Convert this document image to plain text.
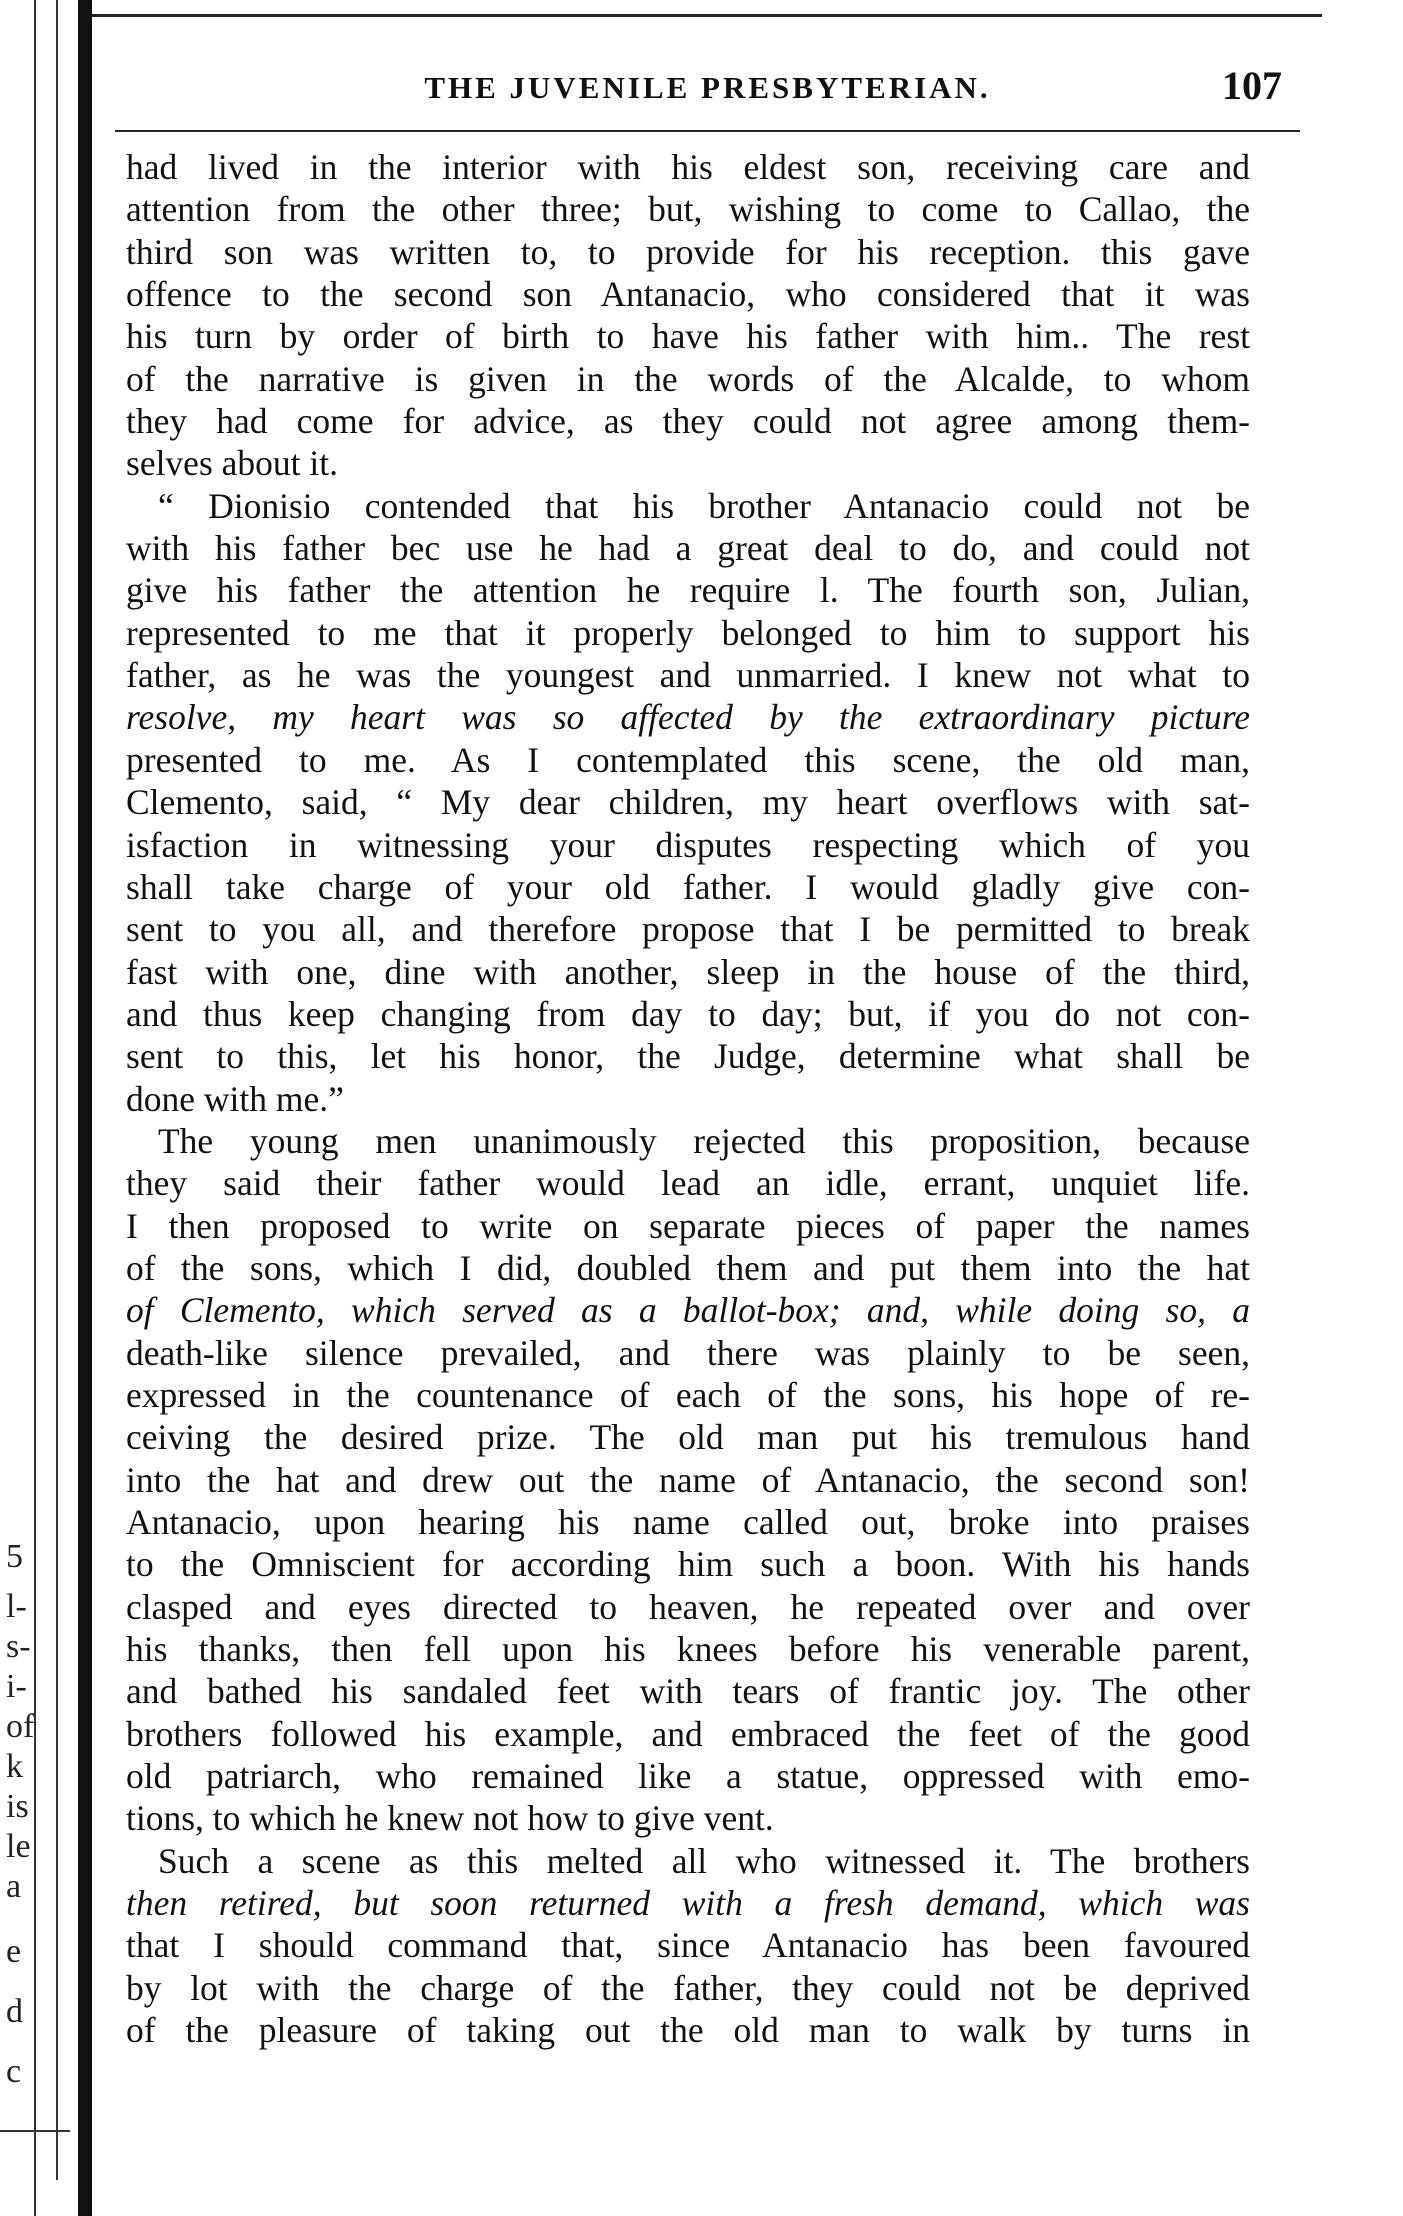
5
l-
s-
i-
of
k
is
le
a
e
d
c
THE JUVENILE PRESBYTERIAN.	107
had lived in the interior with his eldest son, receiving care and
attention from the other three; but, wishing to come to Callao, the
third son was written to, to provide for his reception. this gave
offence to the second son Antanacio, who considered that it was
his turn by order of birth to have his father with him.. The rest
of the narrative is given in the words of the Alcalde, to whom
they had come for advice, as they could not agree among them-
selves about it.
“ Dionisio contended that his brother Antanacio could not be
with his father bec use he had a great deal to do, and could not
give his father the attention he require l. The fourth son, Julian,
represented to me that it properly belonged to him to support his
father, as he was the youngest and unmarried. I knew not what to
resolve, my heart was so affected by the extraordinary picture
presented to me. As I contemplated this scene, the old man,
Clemento, said, “ My dear children, my heart overflows with sat-
isfaction in witnessing your disputes respecting which of you
shall take charge of your old father. I would gladly give con-
sent to you all, and therefore propose that I be permitted to break
fast with one, dine with another, sleep in the house of the third,
and thus keep changing from day to day; but, if you do not con-
sent to this, let his honor, the Judge, determine what shall be
done with me.”
The young men unanimously rejected this proposition, because
they said their father would lead an idle, errant, unquiet life.
I then proposed to write on separate pieces of paper the names
of the sons, which I did, doubled them and put them into the hat
of Clemento, which served as a ballot-box; and, while doing so, a
death-like silence prevailed, and there was plainly to be seen,
expressed in the countenance of each of the sons, his hope of re-
ceiving the desired prize. The old man put his tremulous hand
into the hat and drew out the name of Antanacio, the second son!
Antanacio, upon hearing his name called out, broke into praises
to the Omniscient for according him such a boon. With his hands
clasped and eyes directed to heaven, he repeated over and over
his thanks, then fell upon his knees before his venerable parent,
and bathed his sandaled feet with tears of frantic joy. The other
brothers followed his example, and embraced the feet of the good
old patriarch, who remained like a statue, oppressed with emo-
tions, to which he knew not how to give vent.
Such a scene as this melted all who witnessed it. The brothers
then retired, but soon returned with a fresh demand, which was
that I should command that, since Antanacio has been favoured
by lot with the charge of the father, they could not be deprived
of the pleasure of taking out the old man to walk by turns in
